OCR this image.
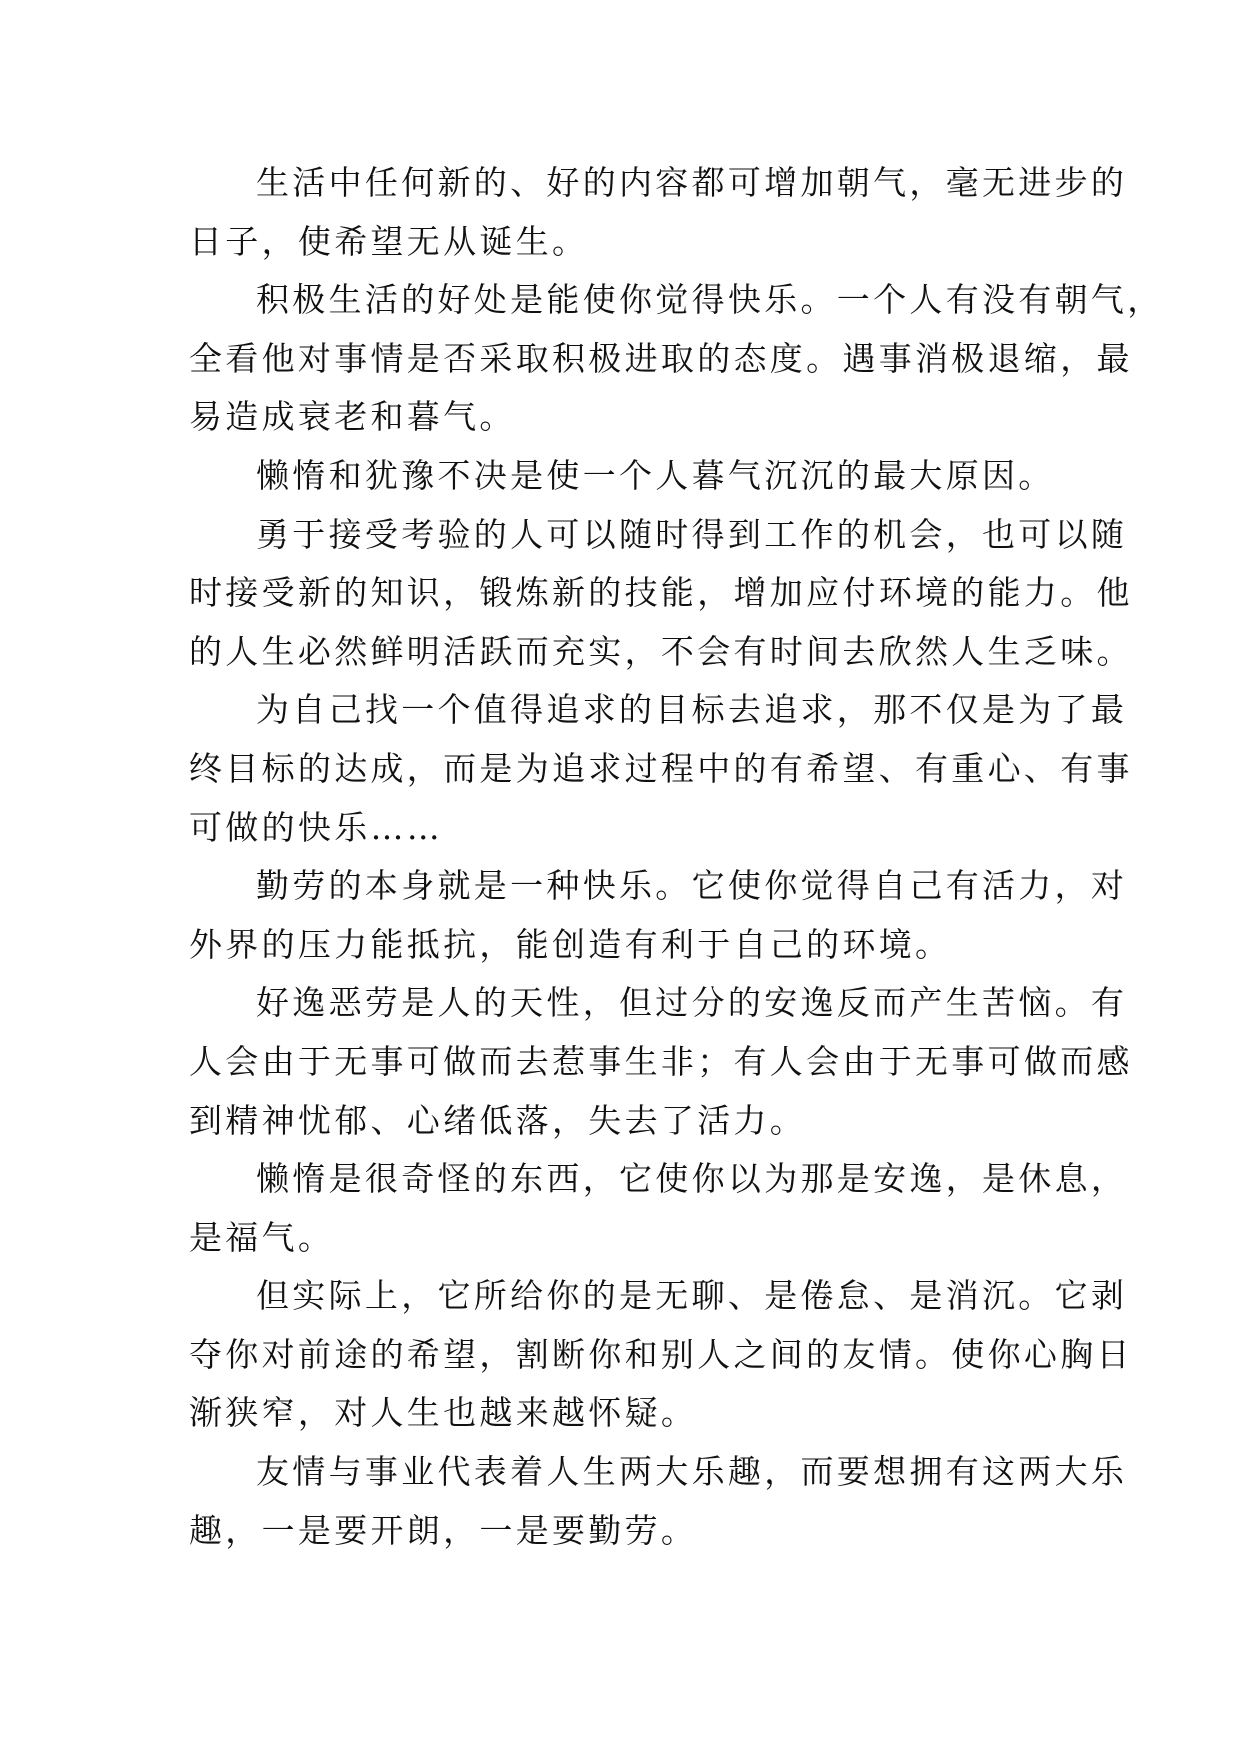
生活中任何新的、好的内容都可增加朝气，毫无进步的
日子，使希望无从诞生。
积极生活的好处是能使你觉得快乐。一个人有没有朝气，
全看他对事情是否采取积极进取的态度。遇事消极退缩，最
易造成衰老和暮气。
懒惰和犹豫不决是使一个人暮气沉沉的最大原因。
勇于接受考验的人可以随时得到工作的机会，也可以随
时接受新的知识，锻炼新的技能，增加应付环境的能力。他
的人生必然鲜明活跃而充实，不会有时间去欣然人生乏味。
为自己找一个值得追求的目标去追求，那不仅是为了最
终目标的达成，而是为追求过程中的有希望、有重心、有事
可做的快乐……
勤劳的本身就是一种快乐。它使你觉得自己有活力，对
外界的压力能抵抗，能创造有利于自己的环境。
好逸恶劳是人的天性，但过分的安逸反而产生苦恼。有
人会由于无事可做而去惹事生非；有人会由于无事可做而感
到精神忧郁、心绪低落，失去了活力。
懒惰是很奇怪的东西，它使你以为那是安逸，是休息，
是福气。
但实际上，它所给你的是无聊、是倦怠、是消沉。它剥
夺你对前途的希望，割断你和别人之间的友情。使你心胸日
渐狭窄，对人生也越来越怀疑。
友情与事业代表着人生两大乐趣，而要想拥有这两大乐
趣，一是要开朗，一是要勤劳。
